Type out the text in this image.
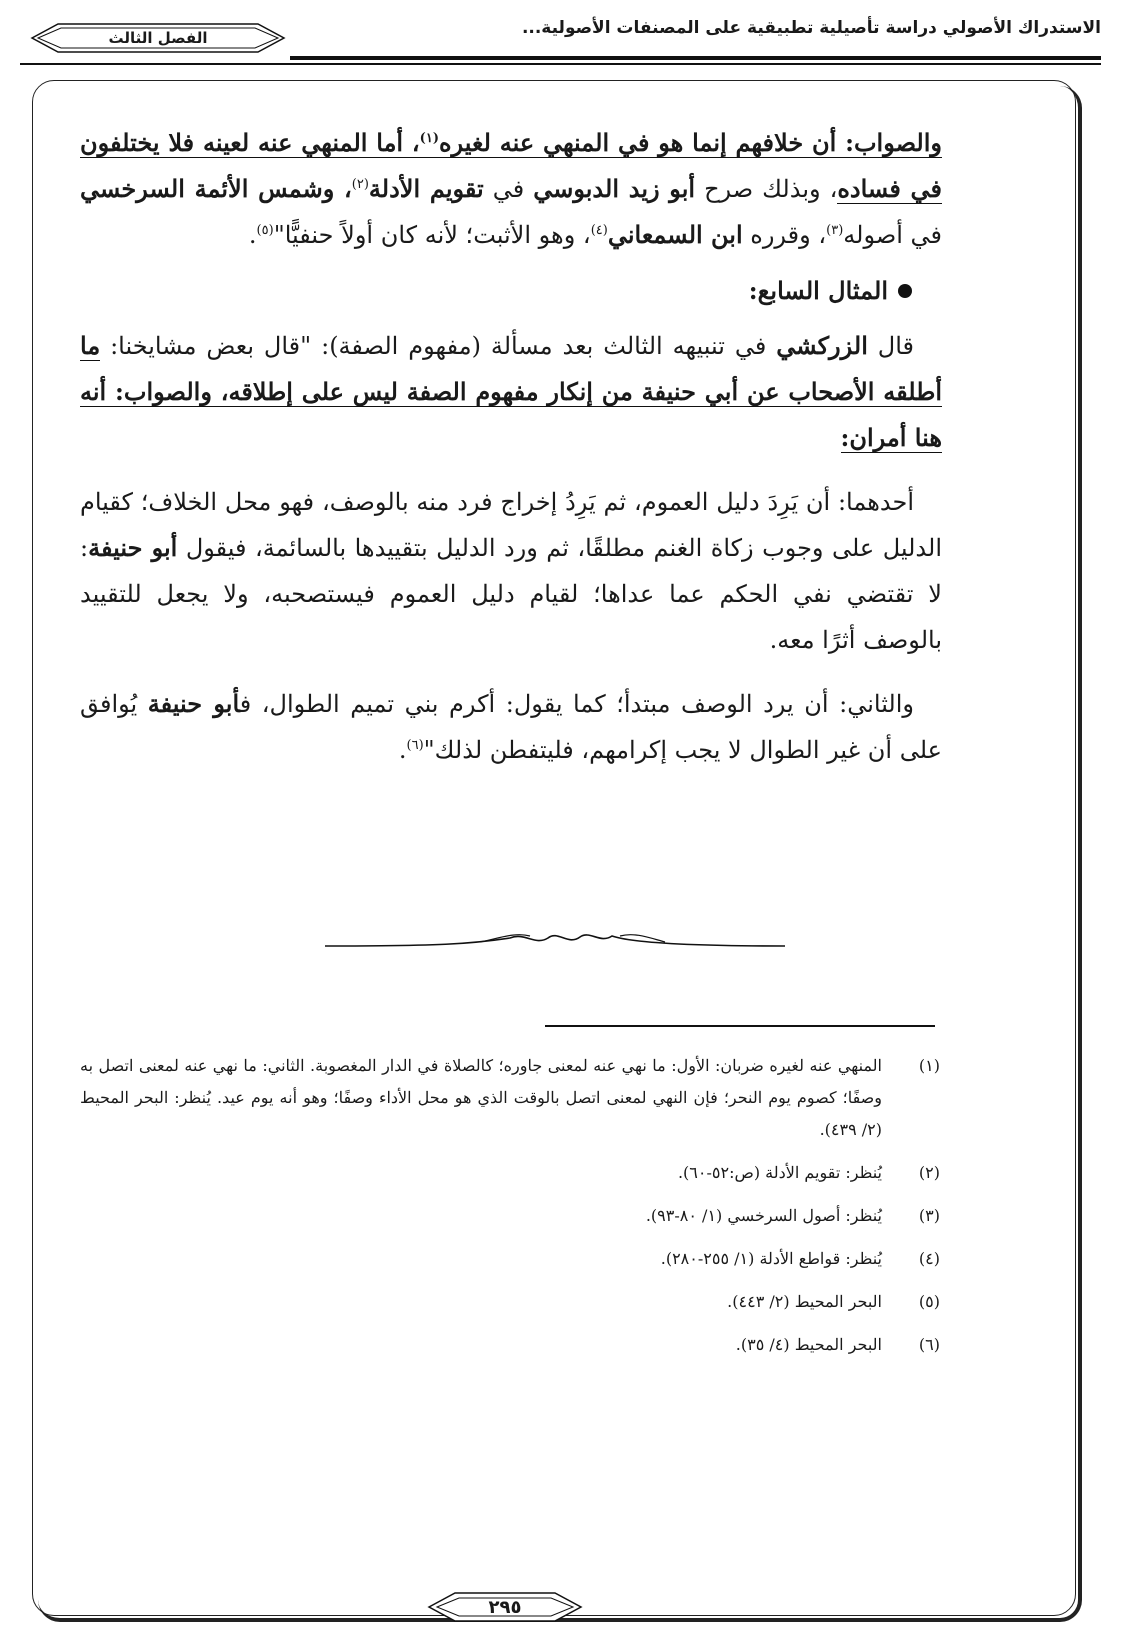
الاستدراك الأصولي دراسة تأصيلية تطبيقية على المصنفات الأصولية...
الفصل الثالث

والصواب: أن خلافهم إنما هو في المنهي عنه لغيره$^{(١)}$، أما المنهي عنه لعينه فلا يختلفون في فساده، وبذلك صرح أبو زيد الدبوسي في تقويم الأدلة$^{(٢)}$، وشمس الأئمة السرخسي في أصوله$^{(٣)}$، وقرره ابن السمعاني$^{(٤)}$، وهو الأثبت؛ لأنه كان أولاً حنفيًّا"$^{(٥)}$.

المثال السابع:

قال الزركشي في تنبيهه الثالث بعد مسألة (مفهوم الصفة): "قال بعض مشايخنا: ما أطلقه الأصحاب عن أبي حنيفة من إنكار مفهوم الصفة ليس على إطلاقه، والصواب: أنه هنا أمران:

أحدهما: أن يَرِدَ دليل العموم، ثم يَرِدُ إخراج فرد منه بالوصف، فهو محل الخلاف؛ كقيام الدليل على وجوب زكاة الغنم مطلقًا، ثم ورد الدليل بتقييدها بالسائمة، فيقول أبو حنيفة: لا تقتضي نفي الحكم عما عداها؛ لقيام دليل العموم فيستصحبه، ولا يجعل للتقييد بالوصف أثرًا معه.

والثاني: أن يرد الوصف مبتدأ؛ كما يقول: أكرم بني تميم الطوال، فأبو حنيفة يُوافق على أن غير الطوال لا يجب إكرامهم، فليتفطن لذلك"$^{(٦)}$.

(١)
المنهي عنه لغيره ضربان: الأول: ما نهي عنه لمعنى جاوره؛ كالصلاة في الدار المغصوبة. الثاني: ما نهي عنه لمعنى اتصل به وصفًا؛ كصوم يوم النحر؛ فإن النهي لمعنى اتصل بالوقت الذي هو محل الأداء وصفًا؛ وهو أنه يوم عيد. يُنظر: البحر المحيط (٢/ ٤٣٩).
(٢)
يُنظر: تقويم الأدلة (ص:٥٢-٦٠).
(٣)
يُنظر: أصول السرخسي (١/ ٨٠-٩٣).
(٤)
يُنظر: قواطع الأدلة (١/ ٢٥٥-٢٨٠).
(٥)
البحر المحيط (٢/ ٤٤٣).
(٦)
البحر المحيط (٤/ ٣٥).
٢٩٥
